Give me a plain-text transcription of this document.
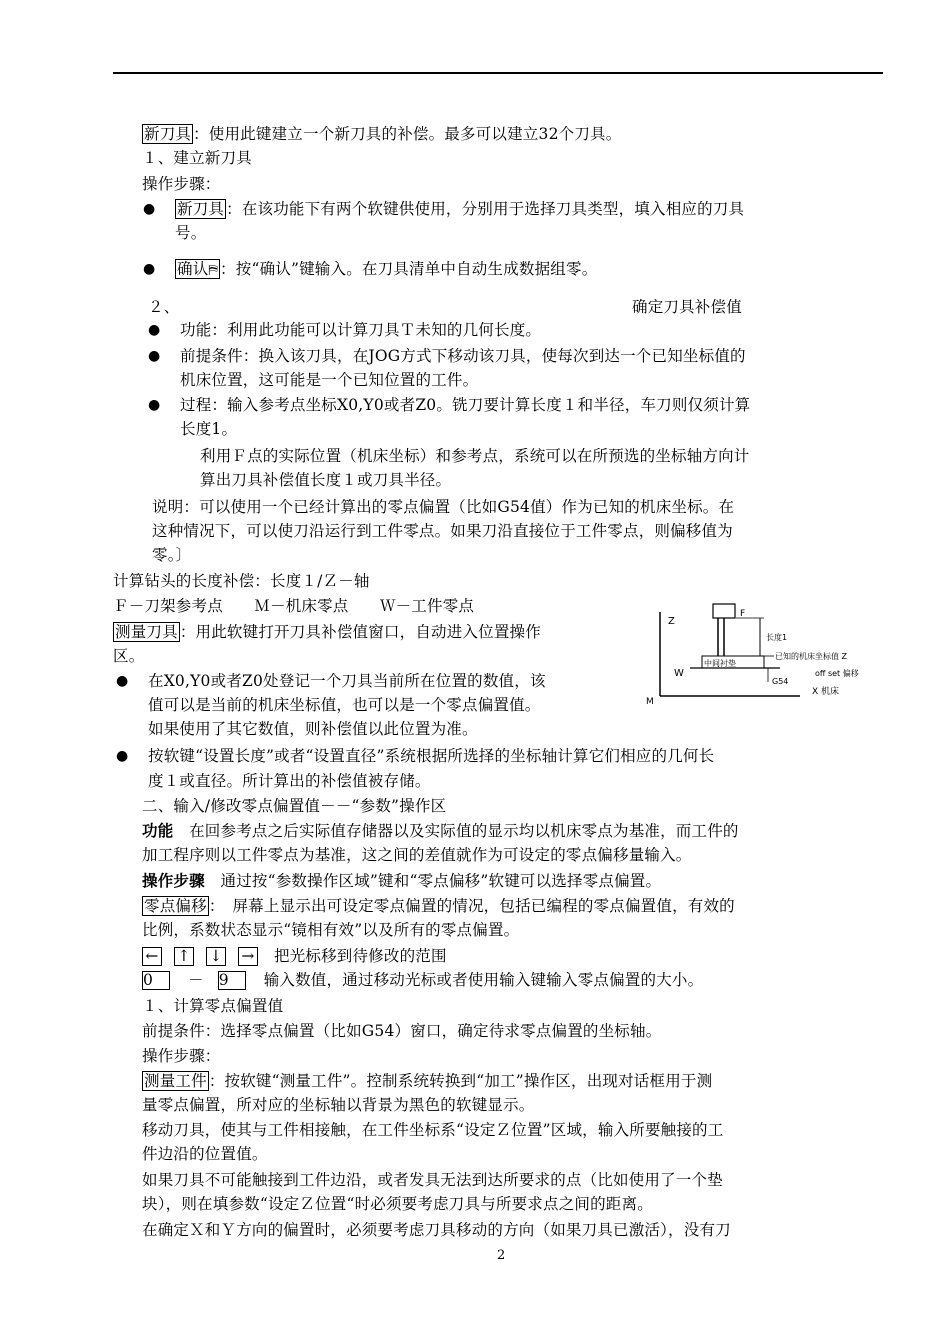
新刀具 ：使用此键建立一个新刀具的补偿。最多可以建立32个刀具。
１、建立新刀具
操作步骤：
● 新刀具 ：在该功能下有两个软键供使用，分别用于选择刀具类型，填入相应的刀具
号。
● 确认⛿ ：按“确认”键输入。在刀具清单中自动生成数据组零。
２、	确定刀具补偿值
● 功能：利用此功能可以计算刀具Ｔ未知的几何长度。
● 前提条件：换入该刀具，在JOG方式下移动该刀具，使每次到达一个已知坐标值的
机床位置，这可能是一个已知位置的工件。
● 过程：输入参考点坐标X0,Y0或者Z0。铣刀要计算长度１和半径，车刀则仅须计算
长度1。
利用Ｆ点的实际位置（机床坐标）和参考点，系统可以在所预选的坐标轴方向计
算出刀具补偿值长度１或刀具半径。
说明：可以使用一个已经计算出的零点偏置（比如G54值）作为已知的机床坐标。在
这种情况下，可以使刀沿运行到工件零点。如果刀沿直接位于工件零点，则偏移值为
零。〕
计算钻头的长度补偿：长度１/Ｚ－轴
Ｆ－刀架参考点　　Ｍ－机床零点　　Ｗ－工件零点
测量刀具 ：用此软键打开刀具补偿值窗口，自动进入位置操作
区。
● 在X0,Y0或者Z0处登记一个刀具当前所在位置的数值，该
值可以是当前的机床坐标值，也可以是一个零点偏置值。
如果使用了其它数值，则补偿值以此位置为准。
● 按软键“设置长度”或者“设置直径”系统根据所选择的坐标轴计算它们相应的几何长
度１或直径。所计算出的补偿值被存储。
Z
F
长度1
中间衬垫
已知的机床坐标值 Z
W	off set 偏移
G54
X 机床
M
二、输入/修改零点偏置值－－“参数”操作区
功能　在回参考点之后实际值存储器以及实际值的显示均以机床零点为基准，而工件的
加工程序则以工件零点为基准，这之间的差值就作为可设定的零点偏移量输入。
操作步骤　通过按“参数操作区域”键和“零点偏移”软键可以选择零点偏置。
零点偏移 ：　屏幕上显示出可设定零点偏置的情况，包括已编程的零点偏置值，有效的
比例，系数状态显示“镜相有效”以及所有的零点偏置。
← ↑ ↓ → 把光标移到待修改的范围
0 － 9 输入数值，通过移动光标或者使用输入键输入零点偏置的大小。
１、计算零点偏置值
前提条件：选择零点偏置（比如G54）窗口，确定待求零点偏置的坐标轴。
操作步骤：
测量工件 ：按软键“测量工件”。控制系统转换到“加工”操作区，出现对话框用于测
量零点偏置，所对应的坐标轴以背景为黑色的软键显示。
移动刀具，使其与工件相接触，在工件坐标系“设定Ｚ位置”区域，输入所要触接的工
件边沿的位置值。
如果刀具不可能触接到工件边沿，或者发具无法到达所要求的点（比如使用了一个垫
块），则在填参数“设定Ｚ位置“时必须要考虑刀具与所要求点之间的距离。
在确定Ｘ和Ｙ方向的偏置时，必须要考虑刀具移动的方向（如果刀具已激活），没有刀
2
